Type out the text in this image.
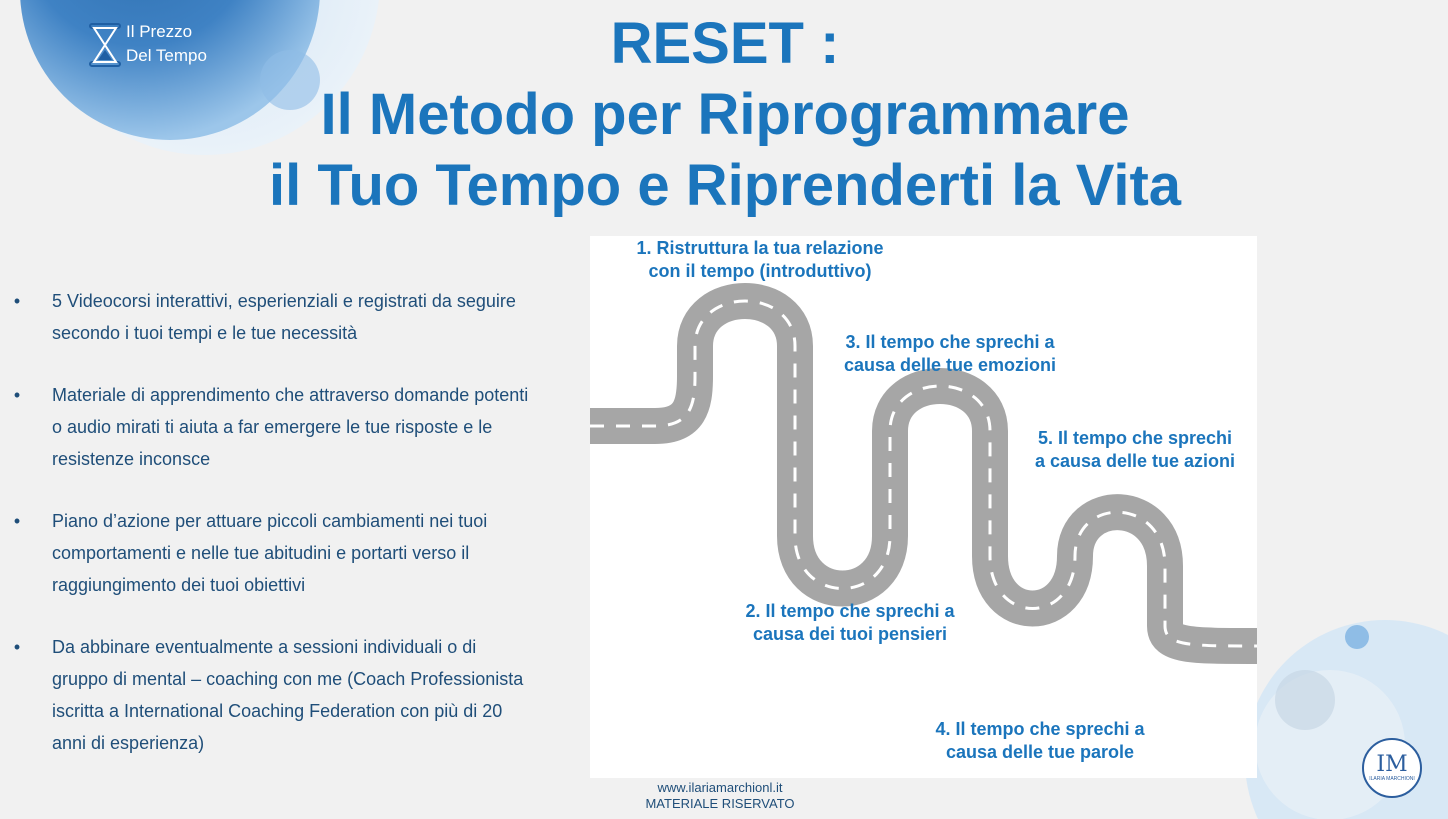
Il Prezzo
Del Tempo	RESET :
Il Metodo per Riprogrammare
il Tuo Tempo e Riprenderti la Vita
• 5 Videocorsi interattivi, esperienziali e registrati da seguire secondo i tuoi tempi e le tue necessità
• Materiale di apprendimento che attraverso domande potenti o audio mirati ti aiuta a far emergere le tue risposte e le resistenze inconsce
• Piano d’azione per attuare piccoli cambiamenti nei tuoi comportamenti e nelle tue abitudini e portarti verso il raggiungimento dei tuoi obiettivi
• Da abbinare eventualmente a sessioni individuali o di gruppo di mental – coaching con me (Coach Professionista iscritta a International Coaching Federation con più di 20 anni di esperienza)
1. Ristruttura la tua relazione
con il tempo (introduttivo)
3. Il tempo che sprechi a
causa delle tue emozioni
5. Il tempo che sprechi
a causa delle tue azioni
2. Il tempo che sprechi a
causa dei tuoi pensieri
4. Il tempo che sprechi a
causa delle tue parole
www.ilariamarchionl.it
MATERIALE RISERVATO
IM
ILARIA MARCHIONI
